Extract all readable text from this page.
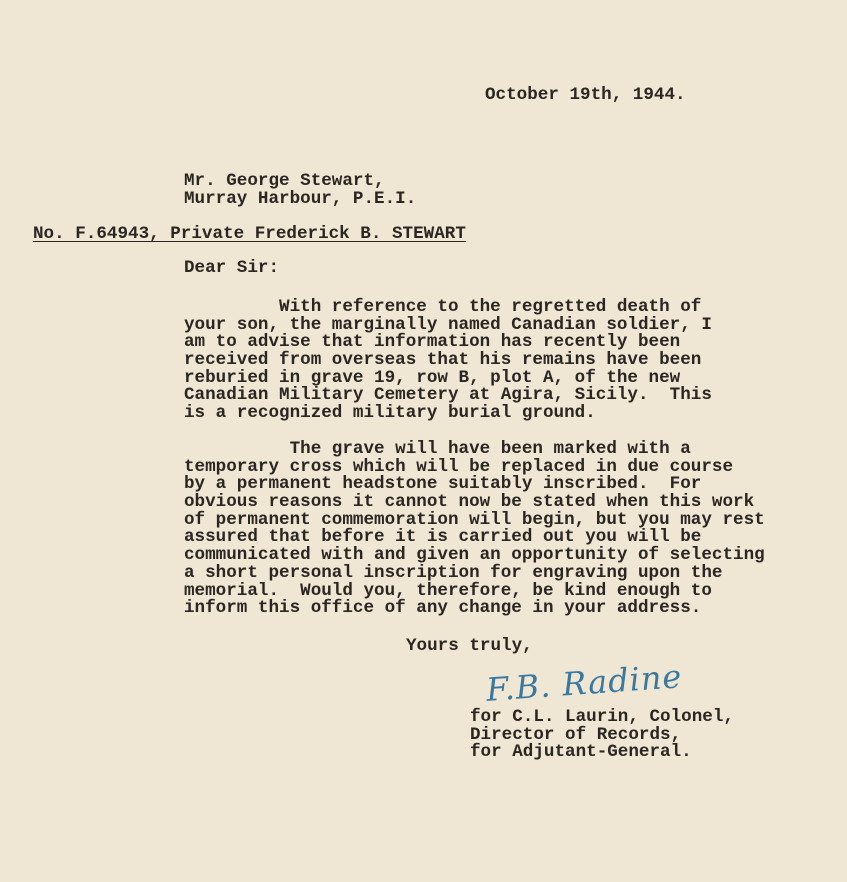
October 19th, 1944.
Mr. George Stewart,
Murray Harbour, P.E.I.
No. F.64943, Private Frederick B. STEWART
Dear Sir:
With reference to the regretted death of
your son, the marginally named Canadian soldier, I
am to advise that information has recently been
received from overseas that his remains have been
reburied in grave 19, row B, plot A, of the new
Canadian Military Cemetery at Agira, Sicily.  This
is a recognized military burial ground.
The grave will have been marked with a
temporary cross which will be replaced in due course
by a permanent headstone suitably inscribed.  For
obvious reasons it cannot now be stated when this work
of permanent commemoration will begin, but you may rest
assured that before it is carried out you will be
communicated with and given an opportunity of selecting
a short personal inscription for engraving upon the
memorial.  Would you, therefore, be kind enough to
inform this office of any change in your address.
Yours truly,
F.B. Radine
for C.L. Laurin, Colonel,
Director of Records,
for Adjutant-General.
